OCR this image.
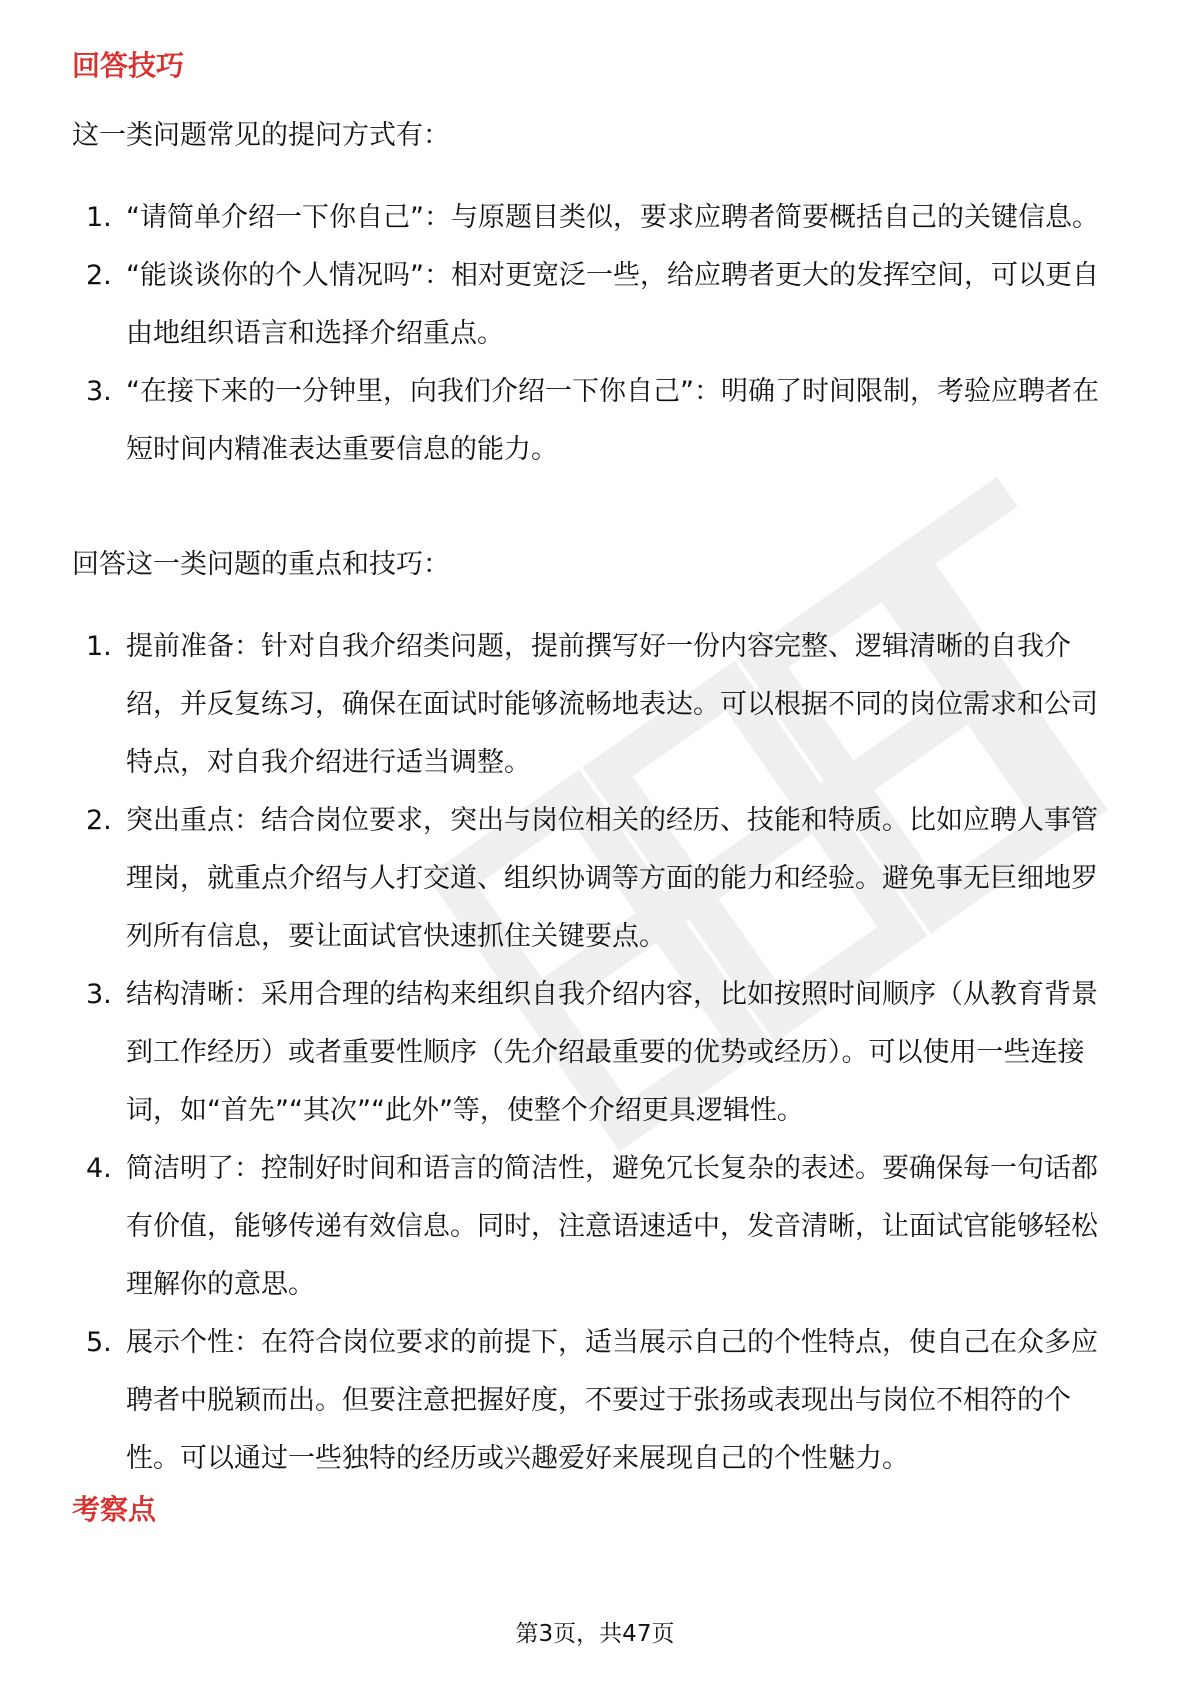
回答技巧
这一类问题常见的提问方式有：
1. “请简单介绍一下你自己”：与原题目类似，要求应聘者简要概括自己的关键信息。
2. “能谈谈你的个人情况吗”：相对更宽泛一些，给应聘者更大的发挥空间，可以更自由地组织语言和选择介绍重点。
3. “在接下来的一分钟里，向我们介绍一下你自己”：明确了时间限制，考验应聘者在短时间内精准表达重要信息的能力。
回答这一类问题的重点和技巧：
1. 提前准备：针对自我介绍类问题，提前撰写好一份内容完整、逻辑清晰的自我介绍，并反复练习，确保在面试时能够流畅地表达。可以根据不同的岗位需求和公司特点，对自我介绍进行适当调整。
2. 突出重点：结合岗位要求，突出与岗位相关的经历、技能和特质。比如应聘人事管理岗，就重点介绍与人打交道、组织协调等方面的能力和经验。避免事无巨细地罗列所有信息，要让面试官快速抓住关键要点。
3. 结构清晰：采用合理的结构来组织自我介绍内容，比如按照时间顺序（从教育背景到工作经历）或者重要性顺序（先介绍最重要的优势或经历）。可以使用一些连接词，如“首先”“其次”“此外”等，使整个介绍更具逻辑性。
4. 简洁明了：控制好时间和语言的简洁性，避免冗长复杂的表述。要确保每一句话都有价值，能够传递有效信息。同时，注意语速适中，发音清晰，让面试官能够轻松理解你的意思。
5. 展示个性：在符合岗位要求的前提下，适当展示自己的个性特点，使自己在众多应聘者中脱颖而出。但要注意把握好度，不要过于张扬或表现出与岗位不相符的个性。可以通过一些独特的经历或兴趣爱好来展现自己的个性魅力。
考察点
第3页，共47页
